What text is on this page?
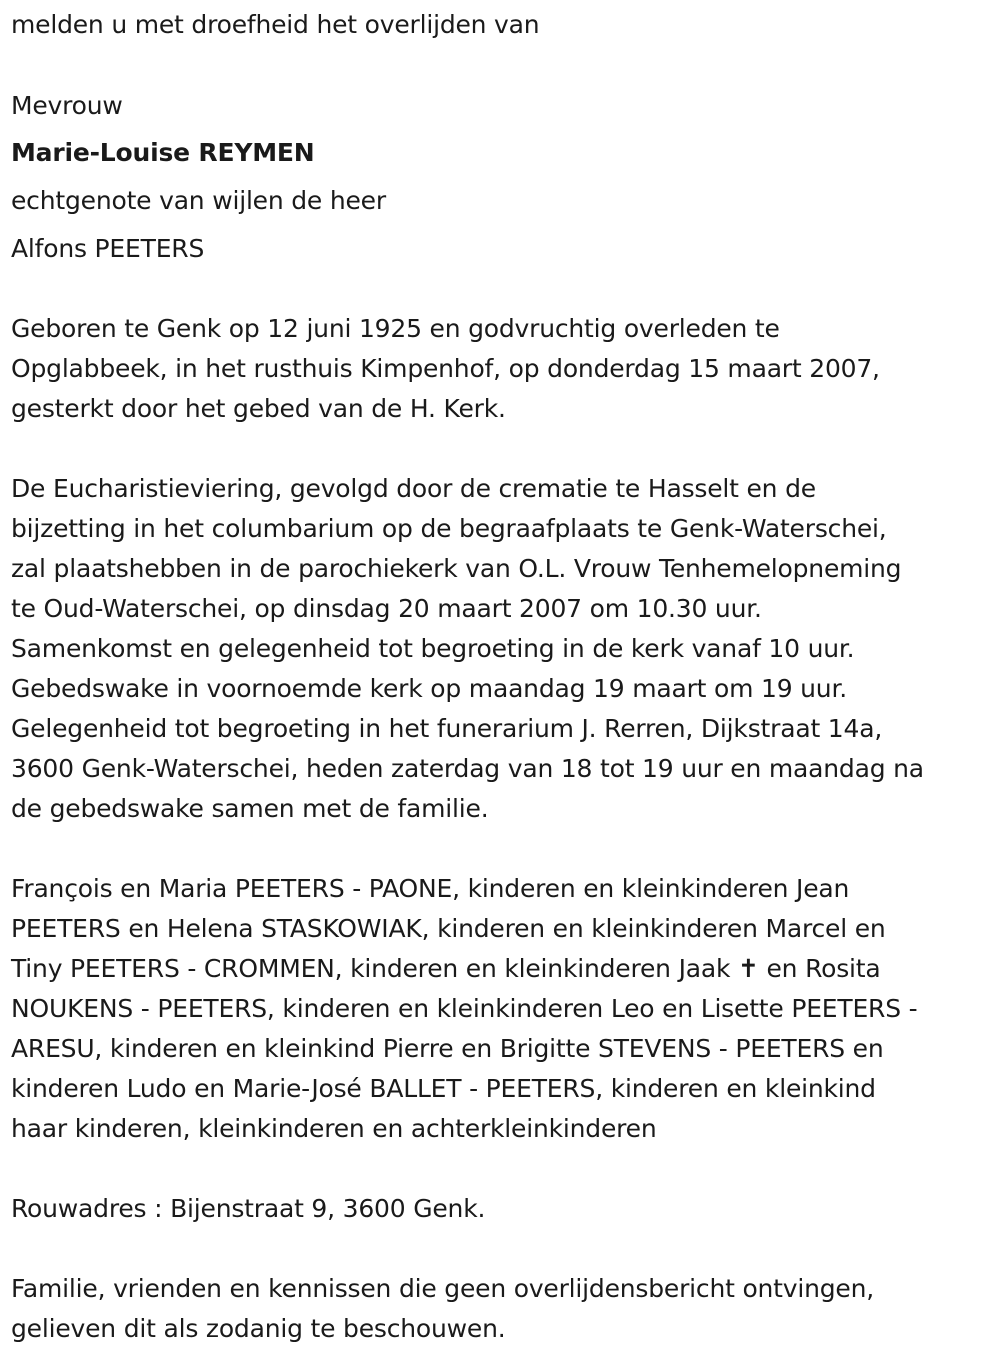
melden u met droefheid het overlijden van
Mevrouw
Marie-Louise REYMEN
echtgenote van wijlen de heer
Alfons PEETERS
Geboren te Genk op 12 juni 1925 en godvruchtig overleden te
Opglabbeek, in het rusthuis Kimpenhof, op donderdag 15 maart 2007,
gesterkt door het gebed van de H. Kerk.
De Eucharistieviering, gevolgd door de crematie te Hasselt en de
bijzetting in het columbarium op de begraafplaats te Genk-Waterschei,
zal plaatshebben in de parochiekerk van O.L. Vrouw Tenhemelopneming
te Oud-Waterschei, op dinsdag 20 maart 2007 om 10.30 uur.
Samenkomst en gelegenheid tot begroeting in de kerk vanaf 10 uur.
Gebedswake in voornoemde kerk op maandag 19 maart om 19 uur.
Gelegenheid tot begroeting in het funerarium J. Rerren, Dijkstraat 14a,
3600 Genk-Waterschei, heden zaterdag van 18 tot 19 uur en maandag na
de gebedswake samen met de familie.
François en Maria PEETERS - PAONE, kinderen en kleinkinderen Jean
PEETERS en Helena STASKOWIAK, kinderen en kleinkinderen Marcel en
Tiny PEETERS - CROMMEN, kinderen en kleinkinderen Jaak ✝ en Rosita
NOUKENS - PEETERS, kinderen en kleinkinderen Leo en Lisette PEETERS -
ARESU, kinderen en kleinkind Pierre en Brigitte STEVENS - PEETERS en
kinderen Ludo en Marie-José BALLET - PEETERS, kinderen en kleinkind
haar kinderen, kleinkinderen en achterkleinkinderen
Rouwadres : Bijenstraat 9, 3600 Genk.
Familie, vrienden en kennissen die geen overlijdensbericht ontvingen,
gelieven dit als zodanig te beschouwen.
